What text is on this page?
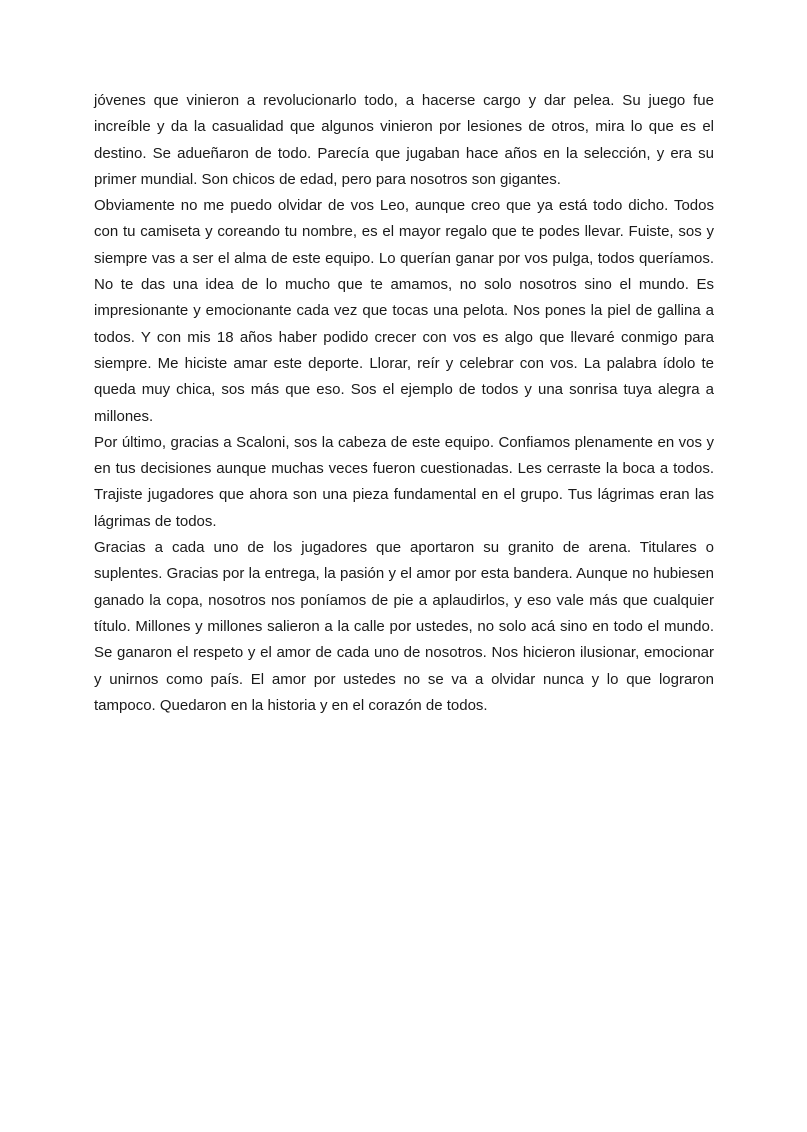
jóvenes que vinieron a revolucionarlo todo, a hacerse cargo y dar pelea. Su juego fue increíble y da la casualidad que algunos vinieron por lesiones de otros, mira lo que es el destino. Se adueñaron de todo. Parecía que jugaban hace años en la selección, y era su primer mundial. Son chicos de edad, pero para nosotros son gigantes.

Obviamente no me puedo olvidar de vos Leo, aunque creo que ya está todo dicho. Todos con tu camiseta y coreando tu nombre, es el mayor regalo que te podes llevar. Fuiste, sos y siempre vas a ser el alma de este equipo. Lo querían ganar por vos pulga, todos queríamos. No te das una idea de lo mucho que te amamos, no solo nosotros sino el mundo. Es impresionante y emocionante cada vez que tocas una pelota. Nos pones la piel de gallina a todos. Y con mis 18 años haber podido crecer con vos es algo que llevaré conmigo para siempre. Me hiciste amar este deporte. Llorar, reír y celebrar con vos. La palabra ídolo te queda muy chica, sos más que eso. Sos el ejemplo de todos y una sonrisa tuya alegra a millones.

Por último, gracias a Scaloni, sos la cabeza de este equipo. Confiamos plenamente en vos y en tus decisiones aunque muchas veces fueron cuestionadas. Les cerraste la boca a todos. Trajiste jugadores que ahora son una pieza fundamental en el grupo. Tus lágrimas eran las lágrimas de todos.

Gracias a cada uno de los jugadores que aportaron su granito de arena. Titulares o suplentes. Gracias por la entrega, la pasión y el amor por esta bandera. Aunque no hubiesen ganado la copa, nosotros nos poníamos de pie a aplaudirlos, y eso vale más que cualquier título. Millones y millones salieron a la calle por ustedes, no solo acá sino en todo el mundo. Se ganaron el respeto y el amor de cada uno de nosotros. Nos hicieron ilusionar, emocionar y unirnos como país. El amor por ustedes no se va a olvidar nunca y lo que lograron tampoco. Quedaron en la historia y en el corazón de todos.
